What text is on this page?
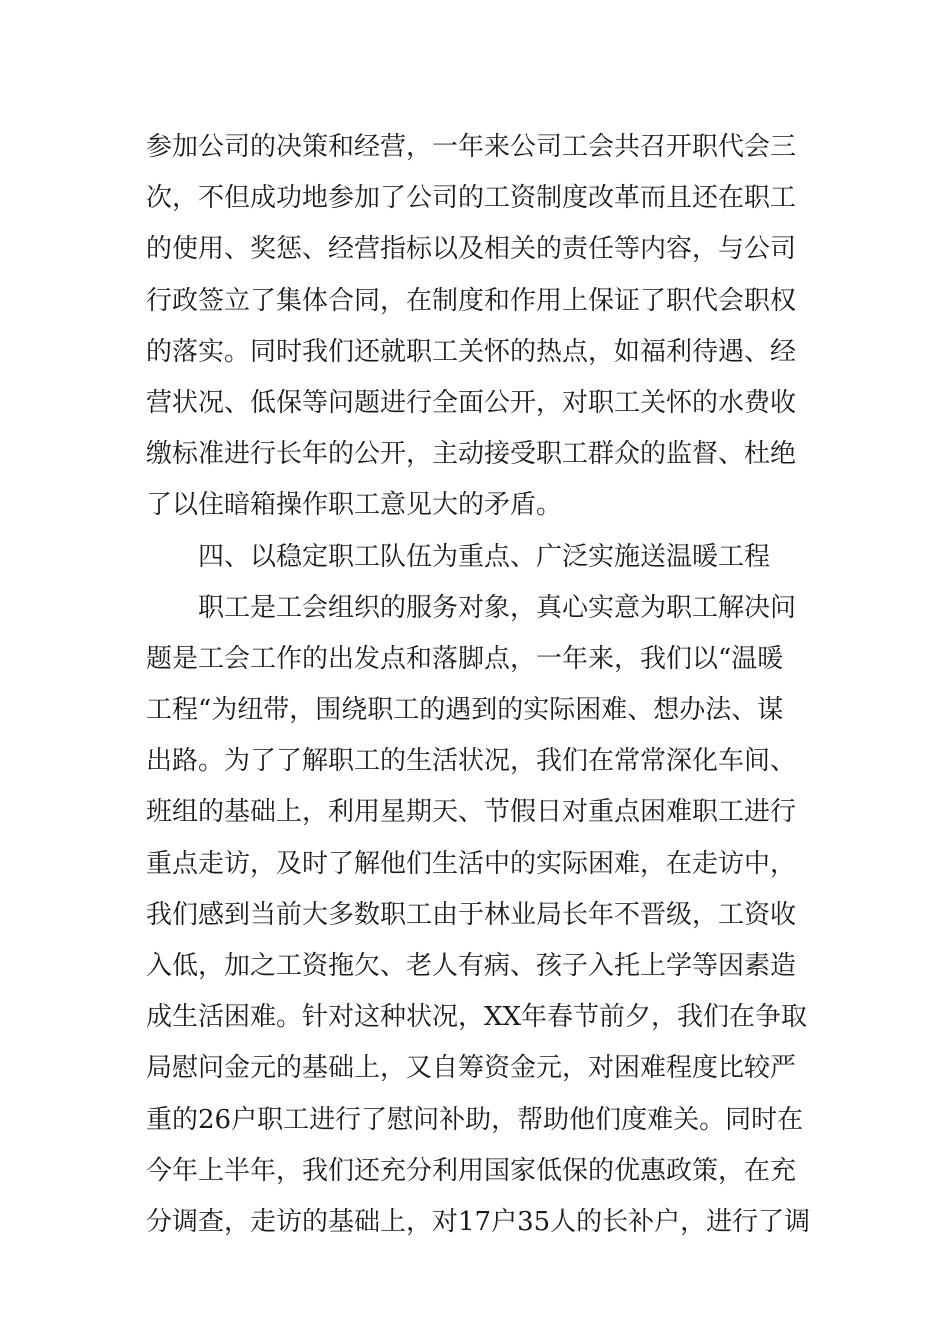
参加公司的决策和经营，一年来公司工会共召开职代会三
次，不但成功地参加了公司的工资制度改革而且还在职工
的使用、奖惩、经营指标以及相关的责任等内容，与公司
行政签立了集体合同，在制度和作用上保证了职代会职权
的落实。同时我们还就职工关怀的热点，如福利待遇、经
营状况、低保等问题进行全面公开，对职工关怀的水费收
缴标准进行长年的公开，主动接受职工群众的监督、杜绝
了以住暗箱操作职工意见大的矛盾。
四、以稳定职工队伍为重点、广泛实施送温暖工程
职工是工会组织的服务对象，真心实意为职工解决问
题是工会工作的出发点和落脚点，一年来，我们以“温暖
工程“为纽带，围绕职工的遇到的实际困难、想办法、谋
出路。为了了解职工的生活状况，我们在常常深化车间、
班组的基础上，利用星期天、节假日对重点困难职工进行
重点走访，及时了解他们生活中的实际困难，在走访中，
我们感到当前大多数职工由于林业局长年不晋级，工资收
入低，加之工资拖欠、老人有病、孩子入托上学等因素造
成生活困难。针对这种状况，XX年春节前夕，我们在争取
局慰问金元的基础上，又自筹资金元，对困难程度比较严
重的26户职工进行了慰问补助，帮助他们度难关。同时在
今年上半年，我们还充分利用国家低保的优惠政策，在充
分调查，走访的基础上，对17户35人的长补户，进行了调
